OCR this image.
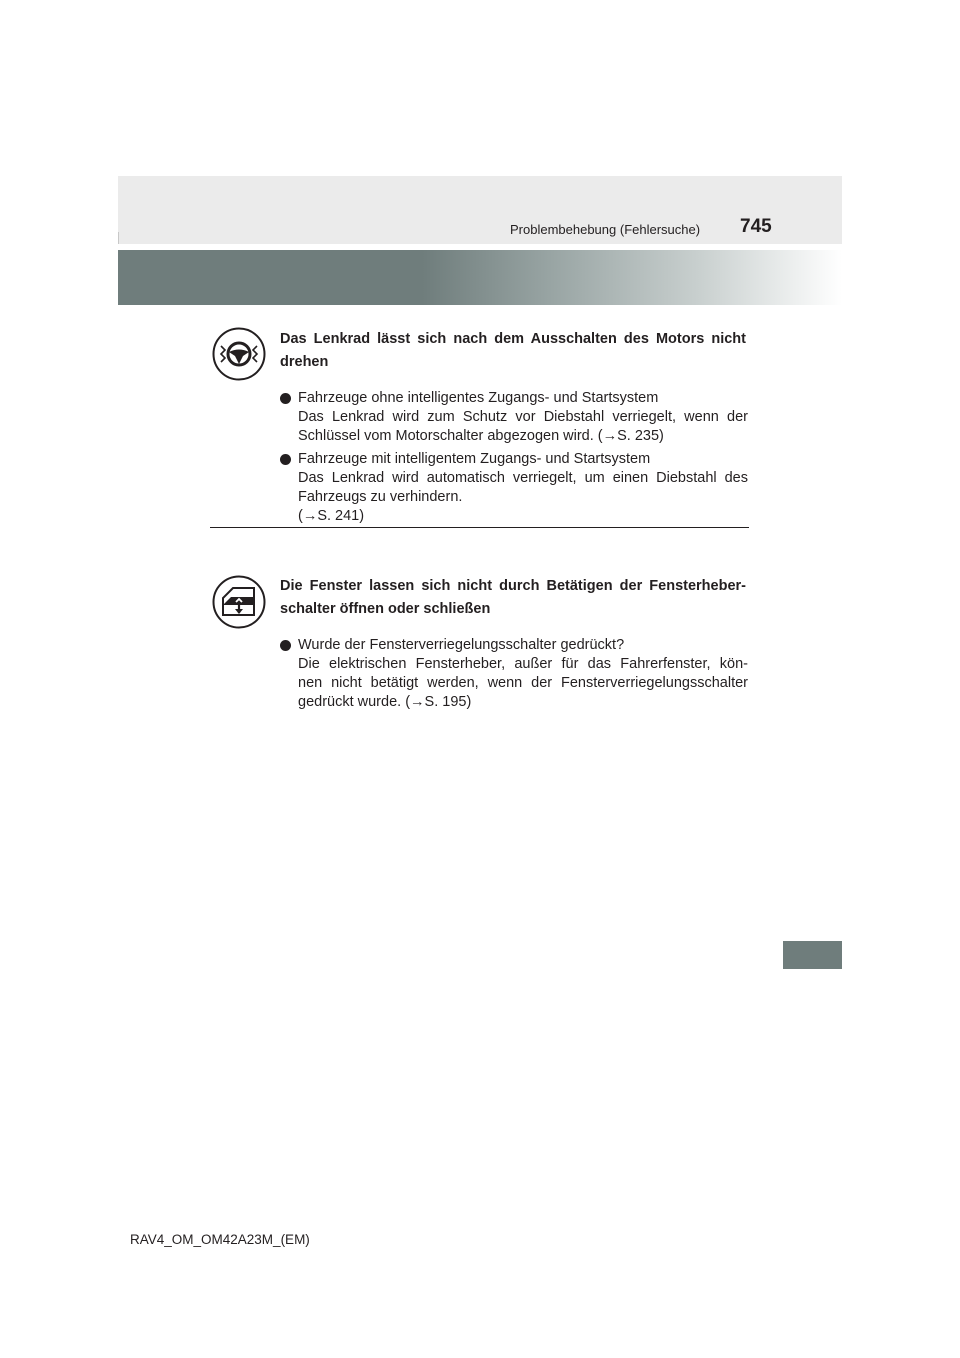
Problembehebung (Fehlersuche) 745
Das Lenkrad lässt sich nach dem Ausschalten des Motors nicht drehen
Fahrzeuge ohne intelligentes Zugangs- und Startsystem
Das Lenkrad wird zum Schutz vor Diebstahl verriegelt, wenn der
Schlüssel vom Motorschalter abgezogen wird. (→S. 235)
Fahrzeuge mit intelligentem Zugangs- und Startsystem
Das Lenkrad wird automatisch verriegelt, um einen Diebstahl des
Fahrzeugs zu verhindern.
(→S. 241)
Die Fenster lassen sich nicht durch Betätigen der Fensterheber-schalter öffnen oder schließen
Wurde der Fensterverriegelungsschalter gedrückt?
Die elektrischen Fensterheber, außer für das Fahrerfenster, kön-
nen nicht betätigt werden, wenn der Fensterverriegelungsschalter
gedrückt wurde. (→S. 195)
RAV4_OM_OM42A23M_(EM)
